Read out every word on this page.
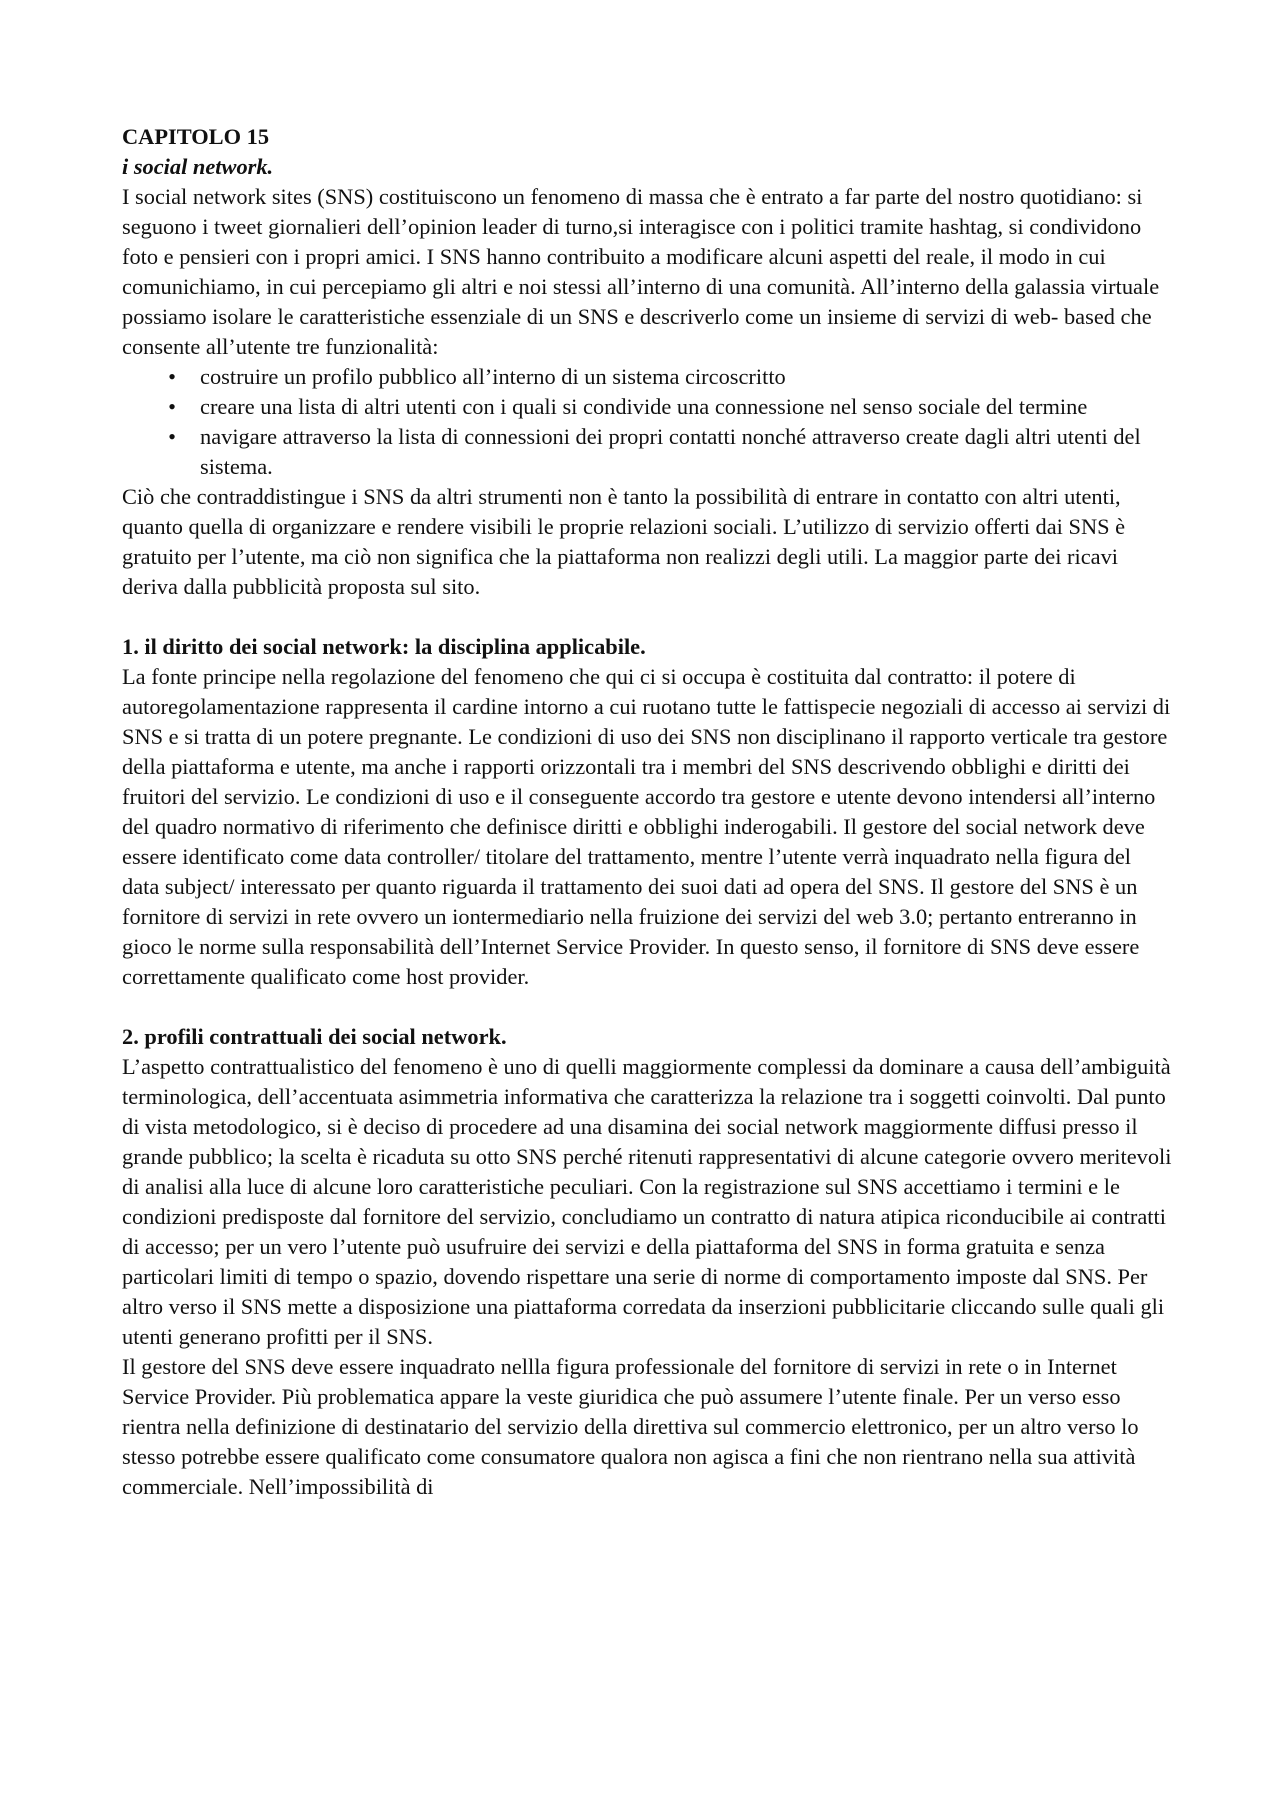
CAPITOLO 15

i social network.

I social network sites (SNS) costituiscono un fenomeno di massa che è entrato a far parte del nostro quotidiano: si seguono i tweet giornalieri dell’opinion leader di turno,si interagisce con i politici tramite hashtag, si condividono foto e pensieri con i propri amici. I SNS hanno contribuito a modificare alcuni aspetti del reale, il modo in cui comunichiamo, in cui percepiamo gli altri e noi stessi all’interno di una comunità. All’interno della galassia virtuale possiamo isolare le caratteristiche essenziale di un SNS e descriverlo come un insieme di servizi di web- based che consente all’utente tre funzionalità:

• costruire un profilo pubblico all’interno di un sistema circoscritto
• creare una lista di altri utenti con i quali si condivide una connessione nel senso sociale del termine
• navigare attraverso la lista di connessioni dei propri contatti nonché attraverso create dagli altri utenti del sistema.

Ciò che contraddistingue i SNS da altri strumenti non è tanto la possibilità di entrare in contatto con altri utenti, quanto quella di organizzare e rendere visibili le proprie relazioni sociali. L’utilizzo di servizio offerti dai SNS è gratuito per l’utente, ma ciò non significa che la piattaforma non realizzi degli utili. La maggior parte dei ricavi deriva dalla pubblicità proposta sul sito.

1. il diritto dei social network: la disciplina applicabile.

La fonte principe nella regolazione del fenomeno che qui ci si occupa è costituita dal contratto: il potere di autoregolamentazione rappresenta il cardine intorno a cui ruotano tutte le fattispecie negoziali di accesso ai servizi di SNS e si tratta di un potere pregnante. Le condizioni di uso dei SNS non disciplinano il rapporto verticale tra gestore della piattaforma e utente, ma anche i rapporti orizzontali tra i membri del SNS descrivendo obblighi e diritti dei fruitori del servizio. Le condizioni di uso e il conseguente accordo tra gestore e utente devono intendersi all’interno del quadro normativo di riferimento che definisce diritti e obblighi inderogabili. Il gestore del social network deve essere identificato come data controller/ titolare del trattamento, mentre l’utente verrà inquadrato nella figura del data subject/ interessato per quanto riguarda il trattamento dei suoi dati ad opera del SNS. Il gestore del SNS è un fornitore di servizi in rete ovvero un iontermediario nella fruizione dei servizi del web 3.0; pertanto entreranno in gioco le norme sulla responsabilità dell’Internet Service Provider. In questo senso, il fornitore di SNS deve essere correttamente qualificato come host provider.

2. profili contrattuali dei social network.

L’aspetto contrattualistico del fenomeno è uno di quelli maggiormente complessi da dominare a causa dell’ambiguità terminologica, dell’accentuata asimmetria informativa che caratterizza la relazione tra i soggetti coinvolti. Dal punto di vista metodologico, si è deciso di procedere ad una disamina dei social network maggiormente diffusi presso il grande pubblico; la scelta è ricaduta su otto SNS perché ritenuti rappresentativi di alcune categorie ovvero meritevoli di analisi alla luce di alcune loro caratteristiche peculiari. Con la registrazione sul SNS accettiamo i termini e le condizioni predisposte dal fornitore del servizio, concludiamo un contratto di natura atipica riconducibile ai contratti di accesso; per un vero l’utente può usufruire dei servizi e della piattaforma del SNS in forma gratuita e senza particolari limiti di tempo o spazio, dovendo rispettare una serie di norme di comportamento imposte dal SNS. Per altro verso il SNS mette a disposizione una piattaforma corredata da inserzioni pubblicitarie cliccando sulle quali gli utenti generano profitti per il SNS.

Il gestore del SNS deve essere inquadrato nellla figura professionale del fornitore di servizi in rete o in Internet Service Provider. Più problematica appare la veste giuridica che può assumere l’utente finale. Per un verso esso rientra nella definizione di destinatario del servizio della direttiva sul commercio elettronico, per un altro verso lo stesso potrebbe essere qualificato come consumatore qualora non agisca a fini che non rientrano nella sua attività commerciale. Nell’impossibilità di
